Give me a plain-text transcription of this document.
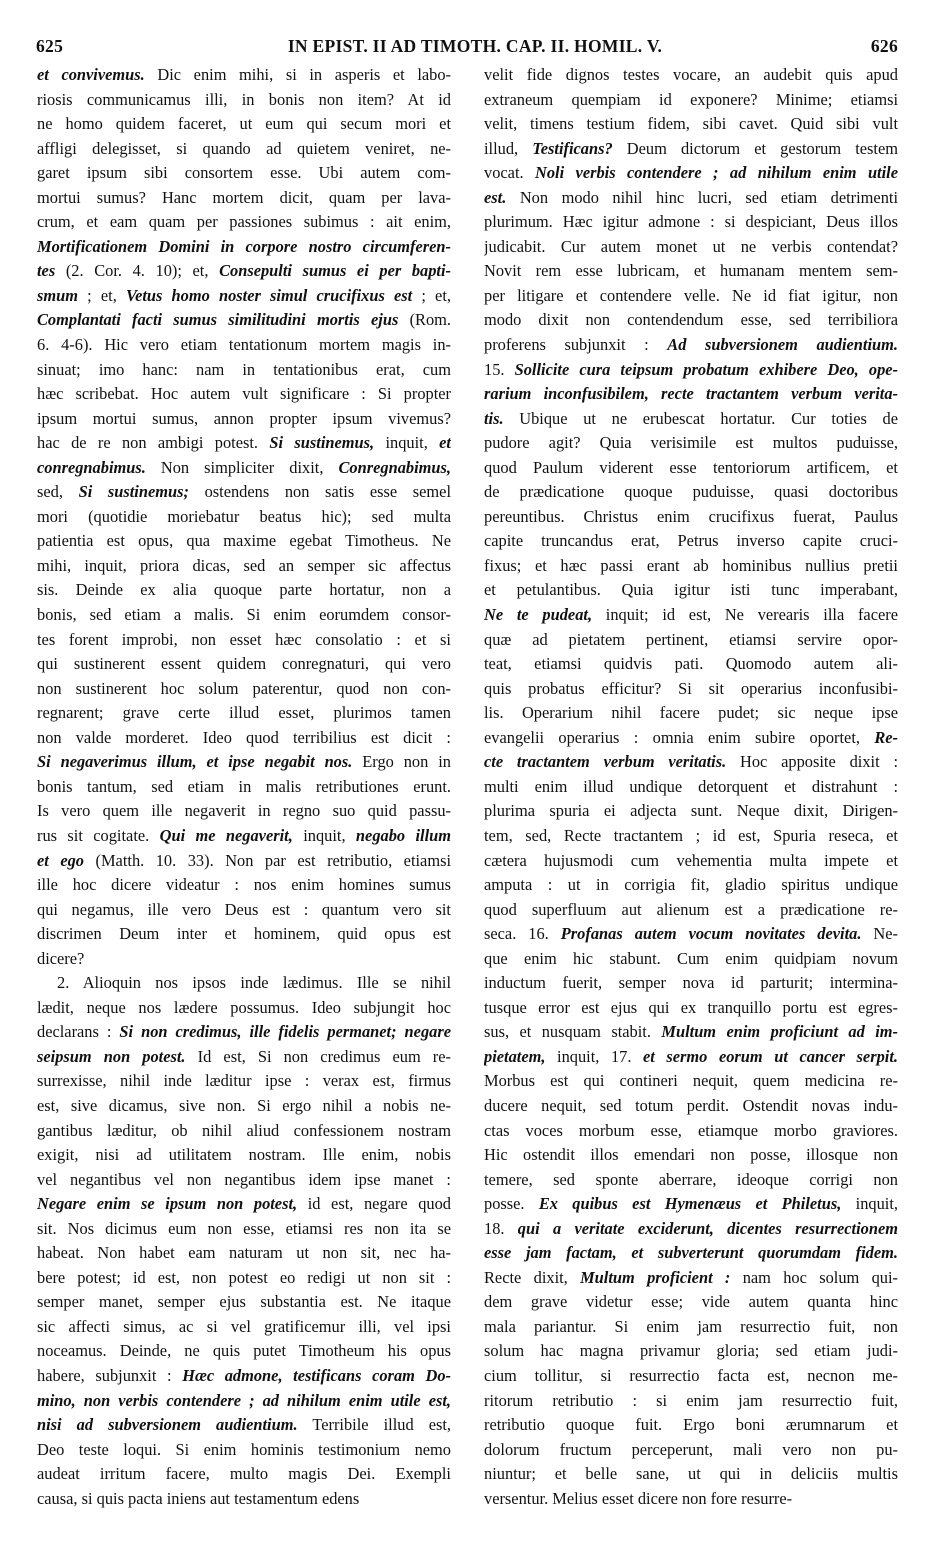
625	IN EPIST. II AD TIMOTH. CAP. II. HOMIL. V.	626
et convivemus. Dic enim mihi, si in asperis et labo-
riosis communicamus illi, in bonis non item? At id
ne homo quidem faceret, ut eum qui secum mori et
affligi delegisset, si quando ad quietem veniret, ne-
garet ipsum sibi consortem esse. Ubi autem com-
mortui sumus? Hanc mortem dicit, quam per lava-
crum, et eam quam per passiones subimus : ait enim,
Mortificationem Domini in corpore nostro circumferen-
tes (2. Cor. 4. 10); et, Consepulti sumus ei per bapti-
smum ; et, Vetus homo noster simul crucifixus est ; et,
Complantati facti sumus similitudini mortis ejus (Rom.
6. 4-6). Hic vero etiam tentationum mortem magis in-
sinuat; imo hanc: nam in tentationibus erat, cum
hæc scribebat. Hoc autem vult significare : Si propter
ipsum mortui sumus, annon propter ipsum vivemus?
hac de re non ambigi potest. Si sustinemus, inquit, et
conregnabimus. Non simpliciter dixit, Conregnabimus,
sed, Si sustinemus; ostendens non satis esse semel
mori (quotidie moriebatur beatus hic); sed multa
patientia est opus, qua maxime egebat Timotheus. Ne
mihi, inquit, priora dicas, sed an semper sic affectus
sis. Deinde ex alia quoque parte hortatur, non a
bonis, sed etiam a malis. Si enim eorumdem consor-
tes forent improbi, non esset hæc consolatio : et si
qui sustinerent essent quidem conregnaturi, qui vero
non sustinerent hoc solum paterentur, quod non con-
regnarent; grave certe illud esset, plurimos tamen
non valde morderet. Ideo quod terribilius est dicit :
Si negaverimus illum, et ipse negabit nos. Ergo non in
bonis tantum, sed etiam in malis retributiones erunt.
Is vero quem ille negaverit in regno suo quid passu-
rus sit cogitate. Qui me negaverit, inquit, negabo illum
et ego (Matth. 10. 33). Non par est retributio, etiamsi
ille hoc dicere videatur : nos enim homines sumus
qui negamus, ille vero Deus est : quantum vero sit
discrimen Deum inter et hominem, quid opus est
dicere?
2. Alioquin nos ipsos inde lædimus. Ille se nihil
lædit, neque nos lædere possumus. Ideo subjungit hoc
declarans : Si non credimus, ille fidelis permanet; negare
seipsum non potest. Id est, Si non credimus eum re-
surrexisse, nihil inde læditur ipse : verax est, firmus
est, sive dicamus, sive non. Si ergo nihil a nobis ne-
gantibus læditur, ob nihil aliud confessionem nostram
exigit, nisi ad utilitatem nostram. Ille enim, nobis
vel negantibus vel non negantibus idem ipse manet :
Negare enim se ipsum non potest, id est, negare quod
sit. Nos dicimus eum non esse, etiamsi res non ita se
habeat. Non habet eam naturam ut non sit, nec ha-
bere potest; id est, non potest eo redigi ut non sit :
semper manet, semper ejus substantia est. Ne itaque
sic affecti simus, ac si vel gratificemur illi, vel ipsi
noceamus. Deinde, ne quis putet Timotheum his opus
habere, subjunxit : Hæc admone, testificans coram Do-
mino, non verbis contendere ; ad nihilum enim utile est,
nisi ad subversionem audientium. Terribile illud est,
Deo teste loqui. Si enim hominis testimonium nemo
audeat irritum facere, multo magis Dei. Exempli
causa, si quis pacta iniens aut testamentum edens
velit fide dignos testes vocare, an audebit quis apud
extraneum quempiam id exponere? Minime; etiamsi
velit, timens testium fidem, sibi cavet. Quid sibi vult
illud, Testificans? Deum dictorum et gestorum testem
vocat. Noli verbis contendere ; ad nihilum enim utile
est. Non modo nihil hinc lucri, sed etiam detrimenti
plurimum. Hæc igitur admone : si despiciant, Deus illos
judicabit. Cur autem monet ut ne verbis contendat?
Novit rem esse lubricam, et humanam mentem sem-
per litigare et contendere velle. Ne id fiat igitur, non
modo dixit non contendendum esse, sed terribiliora
proferens subjunxit : Ad subversionem audientium.
15. Sollicite cura teipsum probatum exhibere Deo, ope-
rarium inconfusibilem, recte tractantem verbum verita-
tis. Ubique ut ne erubescat hortatur. Cur toties de
pudore agit? Quia verisimile est multos puduisse,
quod Paulum viderent esse tentoriorum artificem, et
de prædicatione quoque puduisse, quasi doctoribus
pereuntibus. Christus enim crucifixus fuerat, Paulus
capite truncandus erat, Petrus inverso capite cruci-
fixus; et hæc passi erant ab hominibus nullius pretii
et petulantibus. Quia igitur isti tunc imperabant,
Ne te pudeat, inquit; id est, Ne verearis illa facere
quæ ad pietatem pertinent, etiamsi servire opor-
teat, etiamsi quidvis pati. Quomodo autem ali-
quis probatus efficitur? Si sit operarius inconfusibi-
lis. Operarium nihil facere pudet; sic neque ipse
evangelii operarius : omnia enim subire oportet, Re-
cte tractantem verbum veritatis. Hoc apposite dixit :
multi enim illud undique detorquent et distrahunt :
plurima spuria ei adjecta sunt. Neque dixit, Dirigen-
tem, sed, Recte tractantem ; id est, Spuria reseca, et
cætera hujusmodi cum vehementia multa impete et
amputa : ut in corrigia fit, gladio spiritus undique
quod superfluum aut alienum est a prædicatione re-
seca. 16. Profanas autem vocum novitates devita. Ne-
que enim hic stabunt. Cum enim quidpiam novum
inductum fuerit, semper nova id parturit; intermina-
tusque error est ejus qui ex tranquillo portu est egres-
sus, et nusquam stabit. Multum enim proficiunt ad im-
pietatem, inquit, 17. et sermo eorum ut cancer serpit.
Morbus est qui contineri nequit, quem medicina re-
ducere nequit, sed totum perdit. Ostendit novas indu-
ctas voces morbum esse, etiamque morbo graviores.
Hic ostendit illos emendari non posse, illosque non
temere, sed sponte aberrare, ideoque corrigi non
posse. Ex quibus est Hymenæus et Philetus, inquit,
18. qui a veritate exciderunt, dicentes resurrectionem
esse jam factam, et subverterunt quorumdam fidem.
Recte dixit, Multum proficient : nam hoc solum qui-
dem grave videtur esse; vide autem quanta hinc
mala pariantur. Si enim jam resurrectio fuit, non
solum hac magna privamur gloria; sed etiam judi-
cium tollitur, si resurrectio facta est, necnon me-
ritorum retributio : si enim jam resurrectio fuit,
retributio quoque fuit. Ergo boni ærumnarum et
dolorum fructum perceperunt, mali vero non pu-
niuntur; et belle sane, ut qui in deliciis multis
versentur. Melius esset dicere non fore resurre-
